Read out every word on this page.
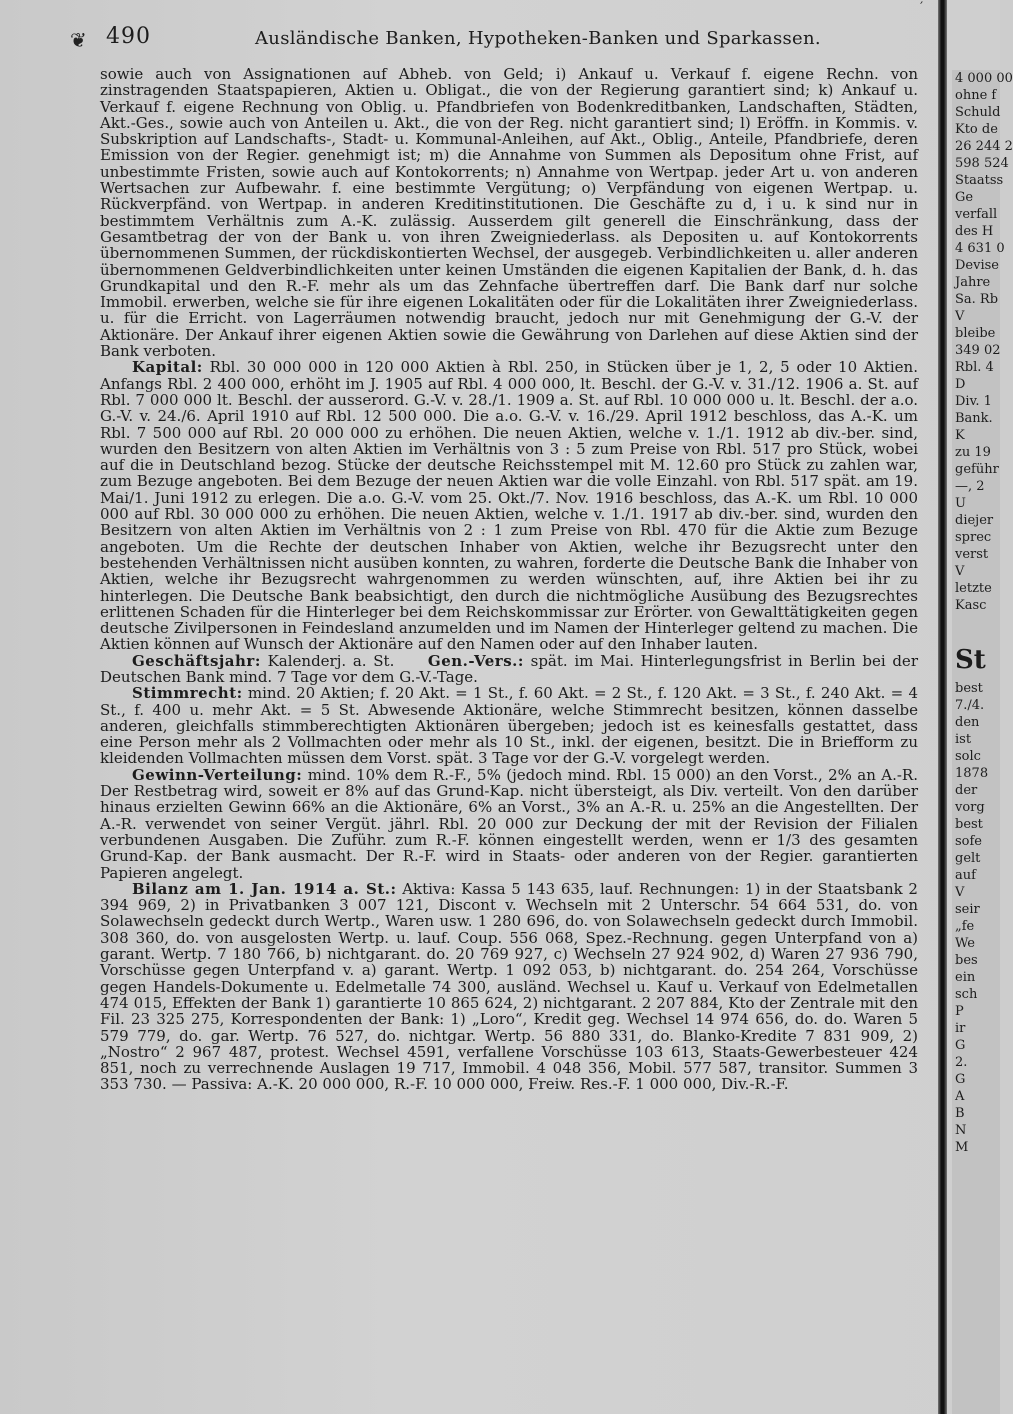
❦ 490	Ausländische Banken, Hypotheken-Banken und Sparkassen.

sowie auch von Assignationen auf Abheb. von Geld; i) Ankauf u. Verkauf f. eigene Rechn. von zinstragenden Staatspapieren, Aktien u. Obligat., die von der Regierung garantiert sind; k) Ankauf u. Verkauf f. eigene Rechnung von Oblig. u. Pfandbriefen von Bodenkreditbanken, Landschaften, Städten, Akt.-Ges., sowie auch von Anteilen u. Akt., die von der Reg. nicht garantiert sind; l) Eröffn. in Kommis. v. Subskription auf Landschafts-, Stadt- u. Kommunal-Anleihen, auf Akt., Oblig., Anteile, Pfandbriefe, deren Emission von der Regier. genehmigt ist; m) die Annahme von Summen als Depositum ohne Frist, auf unbestimmte Fristen, sowie auch auf Kontokorrents; n) Annahme von Wertpap. jeder Art u. von anderen Wertsachen zur Aufbewahr. f. eine bestimmte Vergütung; o) Verpfändung von eigenen Wertpap. u. Rückverpfänd. von Wertpap. in anderen Kreditinstitutionen. Die Geschäfte zu d, i u. k sind nur in bestimmtem Verhältnis zum A.-K. zulässig. Ausserdem gilt generell die Einschränkung, dass der Gesamtbetrag der von der Bank u. von ihren Zweigniederlass. als Depositen u. auf Kontokorrents übernommenen Summen, der rückdiskontierten Wechsel, der ausgegeb. Verbindlichkeiten u. aller anderen übernommenen Geldverbindlichkeiten unter keinen Umständen die eigenen Kapitalien der Bank, d. h. das Grundkapital und den R.-F. mehr als um das Zehnfache übertreffen darf. Die Bank darf nur solche Immobil. erwerben, welche sie für ihre eigenen Lokalitäten oder für die Lokalitäten ihrer Zweigniederlass. u. für die Erricht. von Lagerräumen notwendig braucht, jedoch nur mit Genehmigung der G.-V. der Aktionäre. Der Ankauf ihrer eigenen Aktien sowie die Gewährung von Darlehen auf diese Aktien sind der Bank verboten.

Kapital: Rbl. 30 000 000 in 120 000 Aktien à Rbl. 250, in Stücken über je 1, 2, 5 oder 10 Aktien. Anfangs Rbl. 2 400 000, erhöht im J. 1905 auf Rbl. 4 000 000, lt. Beschl. der G.-V. v. 31./12. 1906 a. St. auf Rbl. 7 000 000 lt. Beschl. der ausserord. G.-V. v. 28./1. 1909 a. St. auf Rbl. 10 000 000 u. lt. Beschl. der a.o. G.-V. v. 24./6. April 1910 auf Rbl. 12 500 000. Die a.o. G.-V. v. 16./29. April 1912 beschloss, das A.-K. um Rbl. 7 500 000 auf Rbl. 20 000 000 zu erhöhen. Die neuen Aktien, welche v. 1./1. 1912 ab div.-ber. sind, wurden den Besitzern von alten Aktien im Verhältnis von 3 : 5 zum Preise von Rbl. 517 pro Stück, wobei auf die in Deutschland bezog. Stücke der deutsche Reichsstempel mit M. 12.60 pro Stück zu zahlen war, zum Bezuge angeboten. Bei dem Bezuge der neuen Aktien war die volle Einzahl. von Rbl. 517 spät. am 19. Mai/1. Juni 1912 zu erlegen. Die a.o. G.-V. vom 25. Okt./7. Nov. 1916 beschloss, das A.-K. um Rbl. 10 000 000 auf Rbl. 30 000 000 zu erhöhen. Die neuen Aktien, welche v. 1./1. 1917 ab div.-ber. sind, wurden den Besitzern von alten Aktien im Verhältnis von 2 : 1 zum Preise von Rbl. 470 für die Aktie zum Bezuge angeboten. Um die Rechte der deutschen Inhaber von Aktien, welche ihr Bezugsrecht unter den bestehenden Verhältnissen nicht ausüben konnten, zu wahren, forderte die Deutsche Bank die Inhaber von Aktien, welche ihr Bezugsrecht wahrgenommen zu werden wünschten, auf, ihre Aktien bei ihr zu hinterlegen. Die Deutsche Bank beabsichtigt, den durch die nichtmögliche Ausübung des Bezugsrechtes erlittenen Schaden für die Hinterleger bei dem Reichskommissar zur Erörter. von Gewalttätigkeiten gegen deutsche Zivilpersonen in Feindesland anzumelden und im Namen der Hinterleger geltend zu machen. Die Aktien können auf Wunsch der Aktionäre auf den Namen oder auf den Inhaber lauten.

Geschäftsjahr: Kalenderj. a. St.     Gen.-Vers.: spät. im Mai. Hinterlegungsfrist in Berlin bei der Deutschen Bank mind. 7 Tage vor dem G.-V.-Tage.

Stimmrecht: mind. 20 Aktien; f. 20 Akt. = 1 St., f. 60 Akt. = 2 St., f. 120 Akt. = 3 St., f. 240 Akt. = 4 St., f. 400 u. mehr Akt. = 5 St. Abwesende Aktionäre, welche Stimmrecht besitzen, können dasselbe anderen, gleichfalls stimmberechtigten Aktionären übergeben; jedoch ist es keinesfalls gestattet, dass eine Person mehr als 2 Vollmachten oder mehr als 10 St., inkl. der eigenen, besitzt. Die in Briefform zu kleidenden Vollmachten müssen dem Vorst. spät. 3 Tage vor der G.-V. vorgelegt werden.

Gewinn-Verteilung: mind. 10% dem R.-F., 5% (jedoch mind. Rbl. 15 000) an den Vorst., 2% an A.-R. Der Restbetrag wird, soweit er 8% auf das Grund-Kap. nicht übersteigt, als Div. verteilt. Von den darüber hinaus erzielten Gewinn 66% an die Aktionäre, 6% an Vorst., 3% an A.-R. u. 25% an die Angestellten. Der A.-R. verwendet von seiner Vergüt. jährl. Rbl. 20 000 zur Deckung der mit der Revision der Filialen verbundenen Ausgaben. Die Zuführ. zum R.-F. können eingestellt werden, wenn er 1/3 des gesamten Grund-Kap. der Bank ausmacht. Der R.-F. wird in Staats- oder anderen von der Regier. garantierten Papieren angelegt.

Bilanz am 1. Jan. 1914 a. St.: Aktiva: Kassa 5 143 635, lauf. Rechnungen: 1) in der Staatsbank 2 394 969, 2) in Privatbanken 3 007 121, Discont v. Wechseln mit 2 Unterschr. 54 664 531, do. von Solawechseln gedeckt durch Wertp., Waren usw. 1 280 696, do. von Solawechseln gedeckt durch Immobil. 308 360, do. von ausgelosten Wertp. u. lauf. Coup. 556 068, Spez.-Rechnung. gegen Unterpfand von a) garant. Wertp. 7 180 766, b) nichtgarant. do. 20 769 927, c) Wechseln 27 924 902, d) Waren 27 936 790, Vorschüsse gegen Unterpfand v. a) garant. Wertp. 1 092 053, b) nichtgarant. do. 254 264, Vorschüsse gegen Handels-Dokumente u. Edelmetalle 74 300, ausländ. Wechsel u. Kauf u. Verkauf von Edelmetallen 474 015, Effekten der Bank 1) garantierte 10 865 624, 2) nichtgarant. 2 207 884, Kto der Zentrale mit den Fil. 23 325 275, Korrespondenten der Bank: 1) „Loro“, Kredit geg. Wechsel 14 974 656, do. do. Waren 5 579 779, do. gar. Wertp. 76 527, do. nichtgar. Wertp. 56 880 331, do. Blanko-Kredite 7 831 909, 2) „Nostro“ 2 967 487, protest. Wechsel 4591, verfallene Vorschüsse 103 613, Staats-Gewerbesteuer 424 851, noch zu verrechnende Auslagen 19 717, Immobil. 4 048 356, Mobil. 577 587, transitor. Summen 3 353 730. — Passiva: A.-K. 20 000 000, R.-F. 10 000 000, Freiw. Res.-F. 1 000 000, Div.-R.-F.

′
4 000 00
ohne f
Schuld
Kto de
26 244 2
598 524
Staatss
Ge
verfall
des H
4 631 0
Devise
Jahre
Sa. Rb
V
bleibe
349 02
Rbl. 4
D
Div. 1
Bank.
K
zu 19
geführ
—, 2
U
diejer
sprec
verst
V
letzte
Kasc
St
best
7./4.
den
ist
solc
1878
der
vorg
best
sofe
gelt
auf
V
seir
„fe
We
bes
ein
sch
P
ir
G
2.
G
A
B
N
M
